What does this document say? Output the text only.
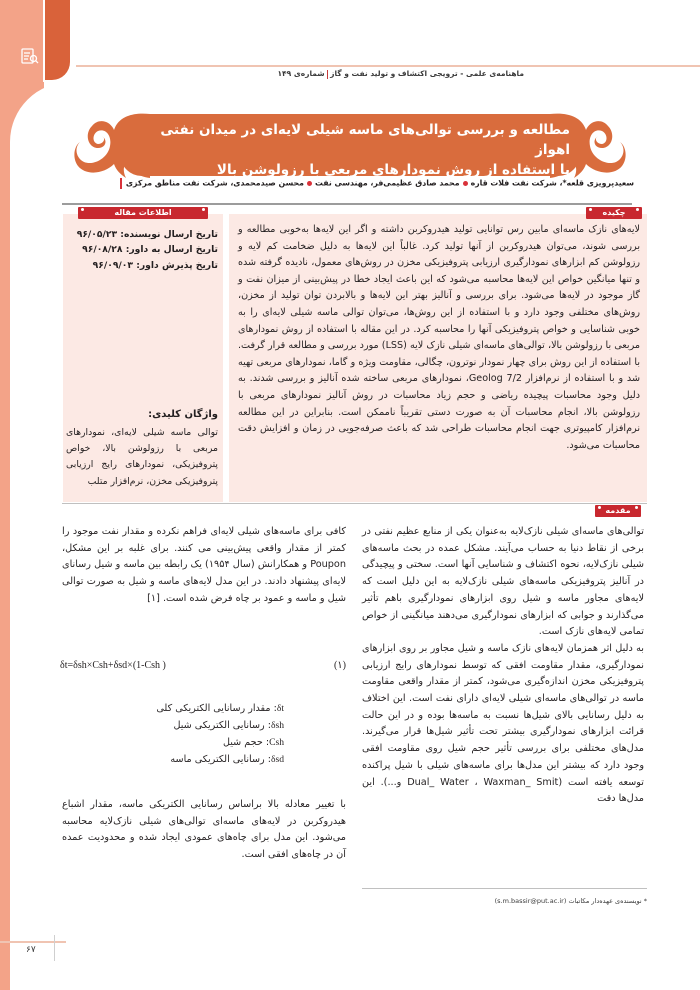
ماهنامه‌ی علمی - ترویجی اکتشاف و تولید نفت و گازشماره‌ی ۱۴۹
مطالعه و بررسی توالی‌های ماسه شیلی لایه‌ای در میدان نفتی اهواز
با استفاده از روش نمودارهای مربعی با رزولوشن بالا
سعیدپرویزی قلعه*، شرکت نفت فلات قارهمحمد صادق عظیمی‌فر، مهندسی نفتمحسن صیدمحمدی، شرکت نفت مناطق مرکزی
چکیده
اطلاعات مقاله
لایه‌های نازک ماسه‌ای مابین رس توانایی تولید هیدروکربن داشته و اگر این لایه‌ها به‌خوبی مطالعه و بررسی شوند، می‌توان هیدروکربن از آنها تولید کرد. غالباً این لایه‌ها به دلیل ضخامت کم لایه و رزولوشن کم ابزارهای نمودارگیری ارزیابی پتروفیزیکی مخزن در روش‌های معمول، نادیده گرفته شده و تنها میانگین خواص این لایه‌ها محاسبه می‌شود که این باعث ایجاد خطا در پیش‌بینی از میزان نفت و گاز موجود در لایه‌ها می‌شود. برای بررسی و آنالیز بهتر این لایه‌ها و بالابردن توان تولید از مخزن، روش‌های مختلفی وجود دارد و با استفاده از این روش‌ها، می‌توان توالی ماسه شیلی لایه‌ای را به خوبی شناسایی و خواص پتروفیزیکی آنها را محاسبه کرد. در این مقاله با استفاده از روش نمودارهای مربعی با رزولوشن بالا، توالی‌های ماسه‌ای شیلی نازک لایه (LSS) مورد بررسی و مطالعه قرار گرفت. با استفاده از این روش برای چهار نمودار نوترون، چگالی، مقاومت ویژه و گاما، نمودارهای مربعی تهیه شد و با استفاده از نرم‌افزار Geolog 7/2، نمودارهای مربعی ساخته شده آنالیز و بررسی شدند. به دلیل وجود محاسبات پیچیده ریاضی و حجم زیاد محاسبات در روش آنالیز نمودارهای مربعی با رزولوشن بالا، انجام محاسبات آن به صورت دستی تقریباً ناممکن است. بنابراین در این مطالعه نرم‌افزار کامپیوتری جهت انجام محاسبات طراحی شد که باعث صرفه‌جویی در زمان و افزایش دقت محاسبات می‌شود.
تاریخ ارسال نویسنده: ۹۶/۰۵/۲۳
تاریخ ارسال به داور: ۹۶/۰۸/۲۸
تاریخ پذیرش داور: ۹۶/۰۹/۰۳
واژگان کلیدی:
توالی ماسه شیلی لایه‌ای، نمودارهای مربعی با رزولوشن بالا، خواص پتروفیزیکی، نمودارهای رایج ارزیابی پتروفیزیکی مخزن، نرم‌افزار متلب
مقدمه

توالی‌های ماسه‌ای شیلی نازک‌لایه به‌عنوان یکی از منابع عظیم نفتی در برخی از نقاط دنیا به حساب می‌آیند. مشکل عمده در بحث ماسه‌های شیلی نازک‌لایه، نحوه اکتشاف و شناسایی آنها است. سختی و پیچیدگی در آنالیز پتروفیزیکی ماسه‌های شیلی نازک‌لایه به این دلیل است که لایه‌های مجاور ماسه و شیل روی ابزارهای نمودارگیری باهم تأثیر می‌گذارند و جوابی که ابزارهای نمودارگیری می‌دهند میانگینی از خواص تمامی لایه‌های نازک است.

به دلیل اثر همزمان لایه‌های نازک ماسه و شیل مجاور بر روی ابزارهای نمودارگیری، مقدار مقاومت افقی که توسط نمودارهای رایج ارزیابی پتروفیزیکی مخزن اندازه‌گیری می‌شود، کمتر از مقدار واقعی مقاومت ماسه در توالی‌های ماسه‌ای شیلی لایه‌ای دارای نفت است. این اختلاف به دلیل رسانایی بالای شیل‌ها نسبت به ماسه‌ها بوده و در این حالت قرائت ابزارهای نمودارگیری بیشتر تحت تأثیر شیل‌ها قرار می‌گیرند. مدل‌های مختلفی برای بررسی تأثیر حجم شیل روی مقاومت افقی وجود دارد که بیشتر این مدل‌ها برای ماسه‌های شیلی با شیل پراکنده توسعه یافته است (Dual_ Water ، Waxman_ Smit و...). این مدل‌ها دقت

کافی برای ماسه‌های شیلی لایه‌ای فراهم نکرده و مقدار نفت موجود را کمتر از مقدار واقعی پیش‌بینی می کنند. برای غلبه بر این مشکل، Poupon و همکارانش (سال ۱۹۵۴) یک رابطه بین ماسه و شیل رسانای لایه‌ای پیشنهاد دادند. در این مدل لایه‌های ماسه و شیل به صورت توالی شیل و ماسه و عمود بر چاه فرض شده است. [۱]
δt=δsh×Csh+δsd×(1-Csh )	(۱)
δt: مقدار رسانایی الکتریکی کلی
δsh: رسانایی الکتریکی شیل
Csh: حجم شیل
δsd: رسانایی الکتریکی ماسه
با تغییر معادله بالا براساس رسانایی الکتریکی ماسه، مقدار اشباع هیدروکربن در لایه‌های ماسه‌ای توالی‌های شیلی نازک‌لایه محاسبه می‌شود. این مدل برای چاه‌های عمودی ایجاد شده و محدودیت عمده آن در چاه‌های افقی است.
* نویسنده‌ی عهده‌دار مکاتبات (s.m.bassir@put.ac.ir)
۶۷
